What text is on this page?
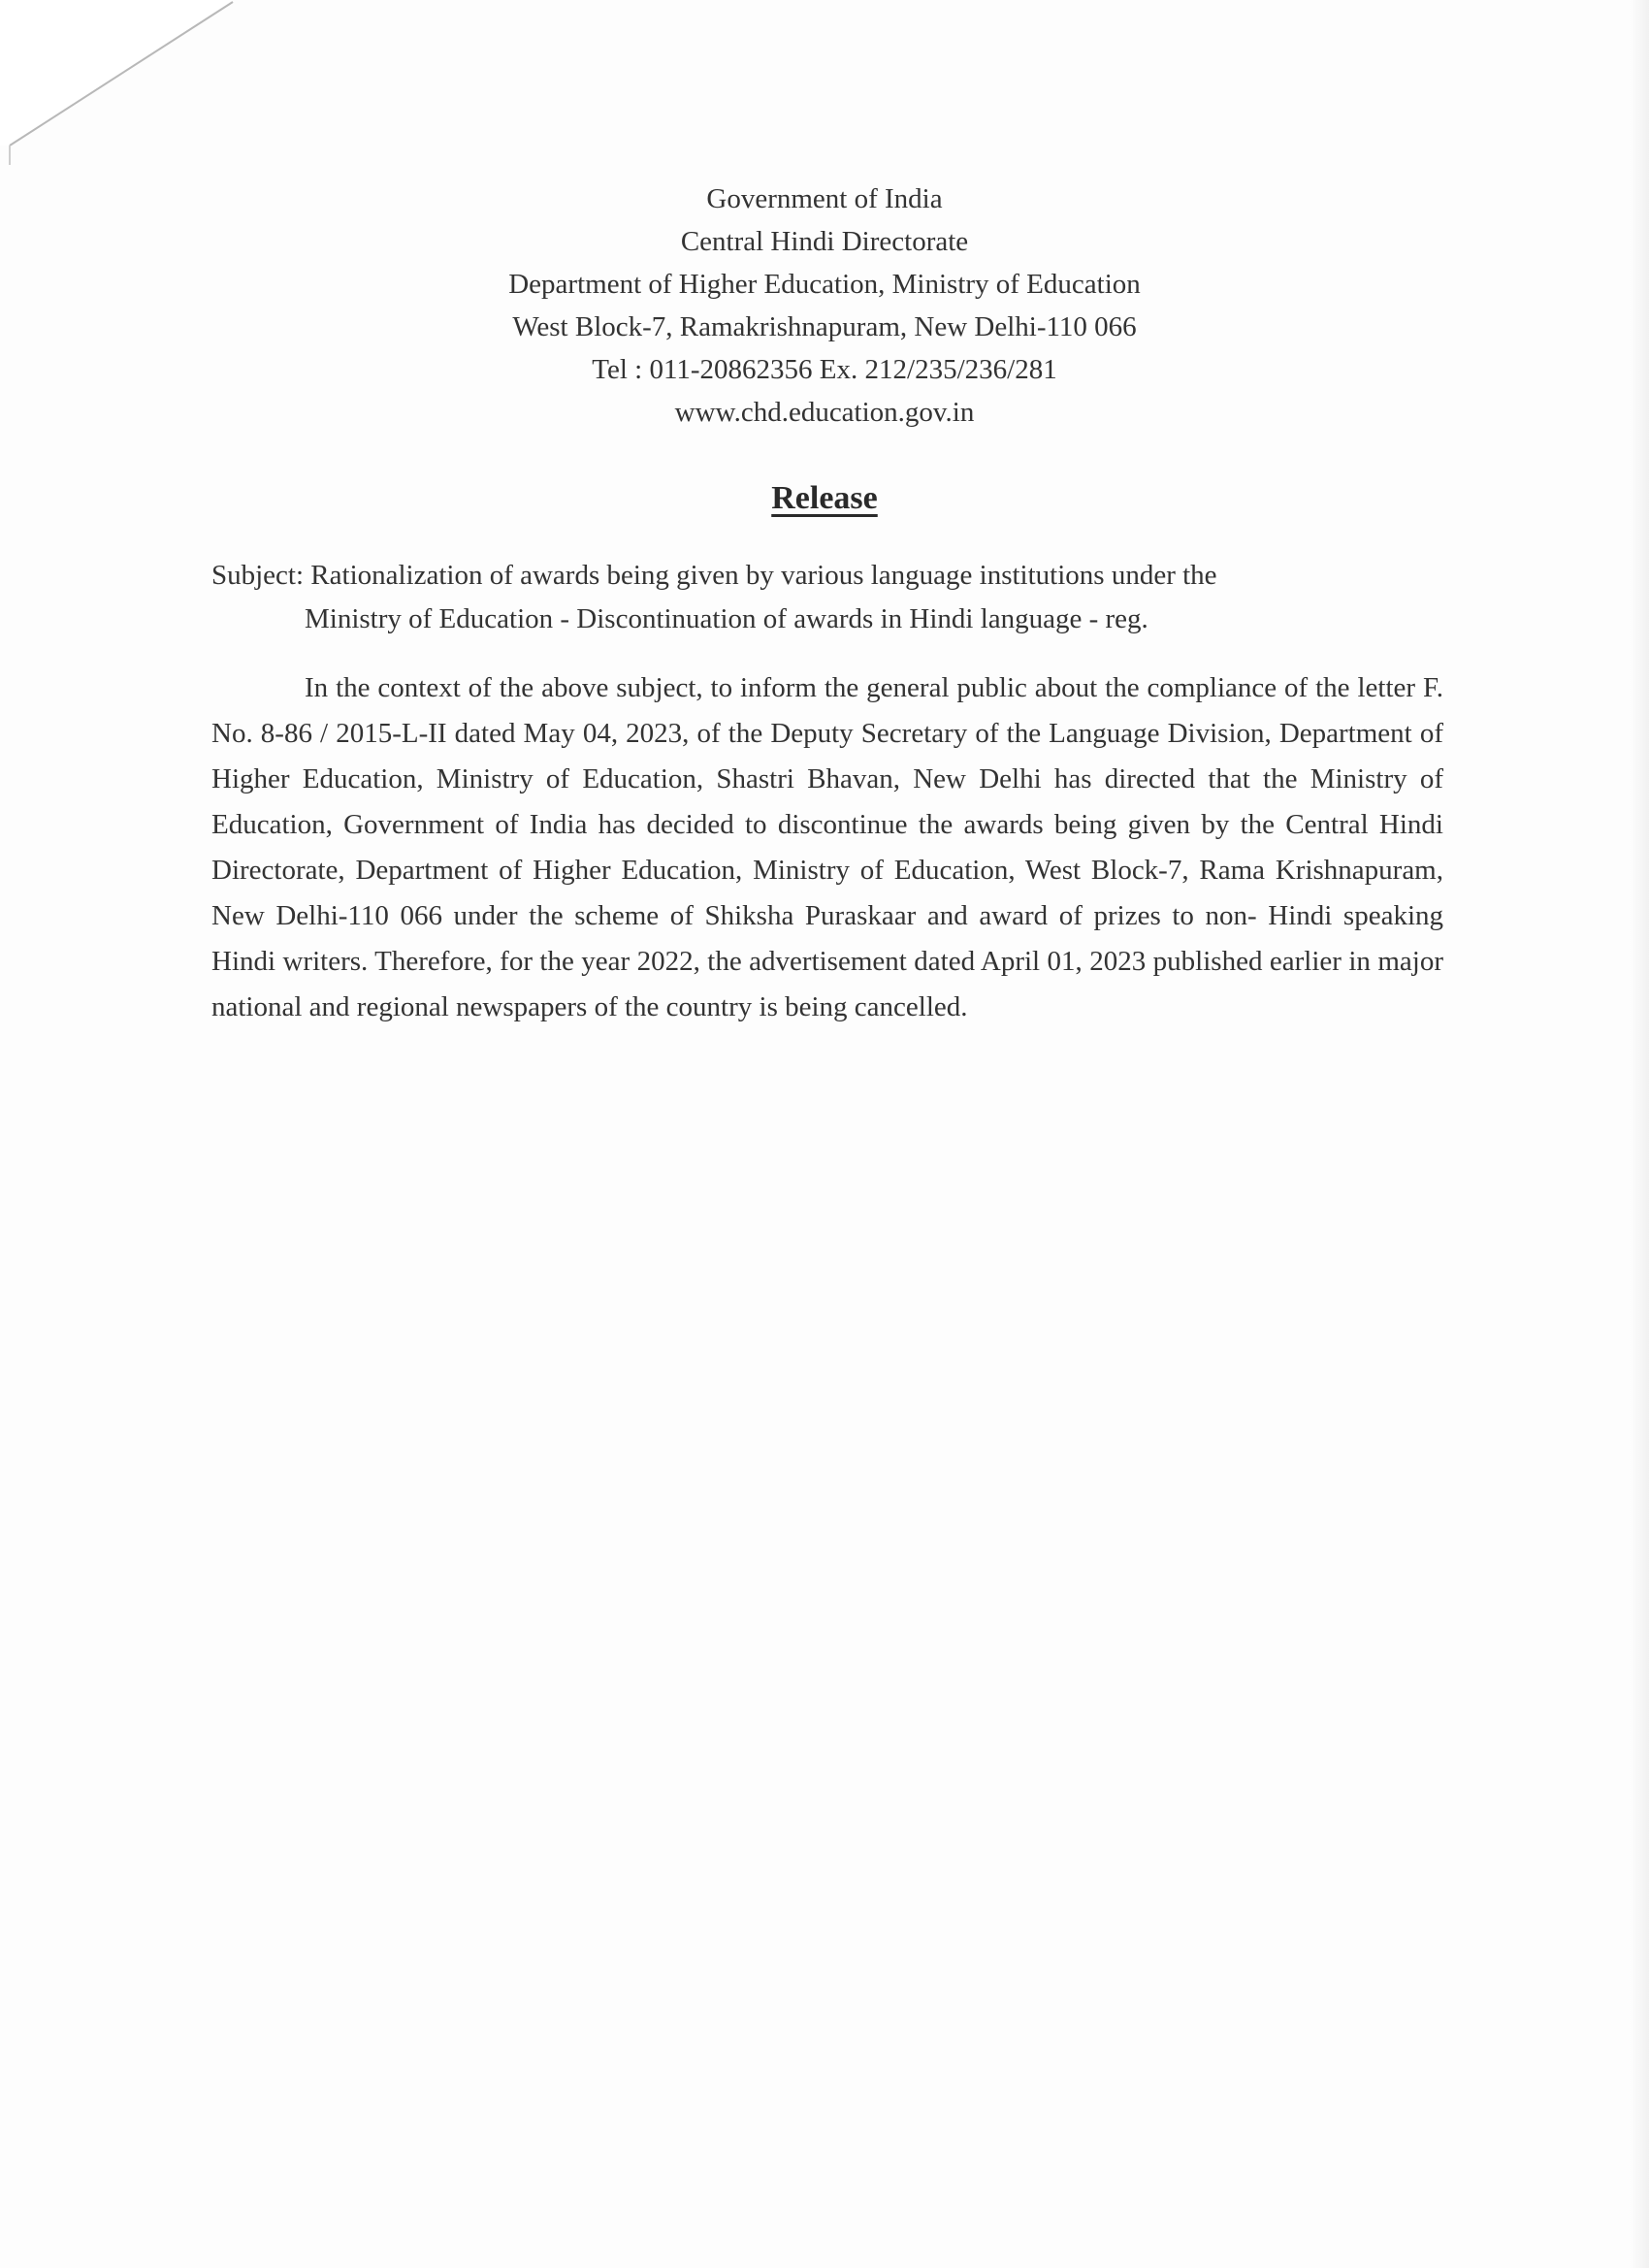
Government of India
Central Hindi Directorate
Department of Higher Education, Ministry of Education
West Block-7, Ramakrishnapuram, New Delhi-110 066
Tel : 011-20862356 Ex. 212/235/236/281
www.chd.education.gov.in
Release
Subject: Rationalization of awards being given by various language institutions under the
Ministry of Education - Discontinuation of awards in Hindi language - reg.

In the context of the above subject, to inform the general public about the compliance of the letter F. No. 8-86 / 2015-L-II dated May 04, 2023, of the Deputy Secretary of the Language Division, Department of Higher Education, Ministry of Education, Shastri Bhavan, New Delhi has directed that the Ministry of Education, Government of India has decided to discontinue the awards being given by the Central Hindi Directorate, Department of Higher Education, Ministry of Education, West Block-7, Rama Krishnapuram, New Delhi-110 066 under the scheme of Shiksha Puraskaar and award of prizes to non- Hindi speaking Hindi writers. Therefore, for the year 2022, the advertisement dated April 01, 2023 published earlier in major national and regional newspapers of the country is being cancelled.
